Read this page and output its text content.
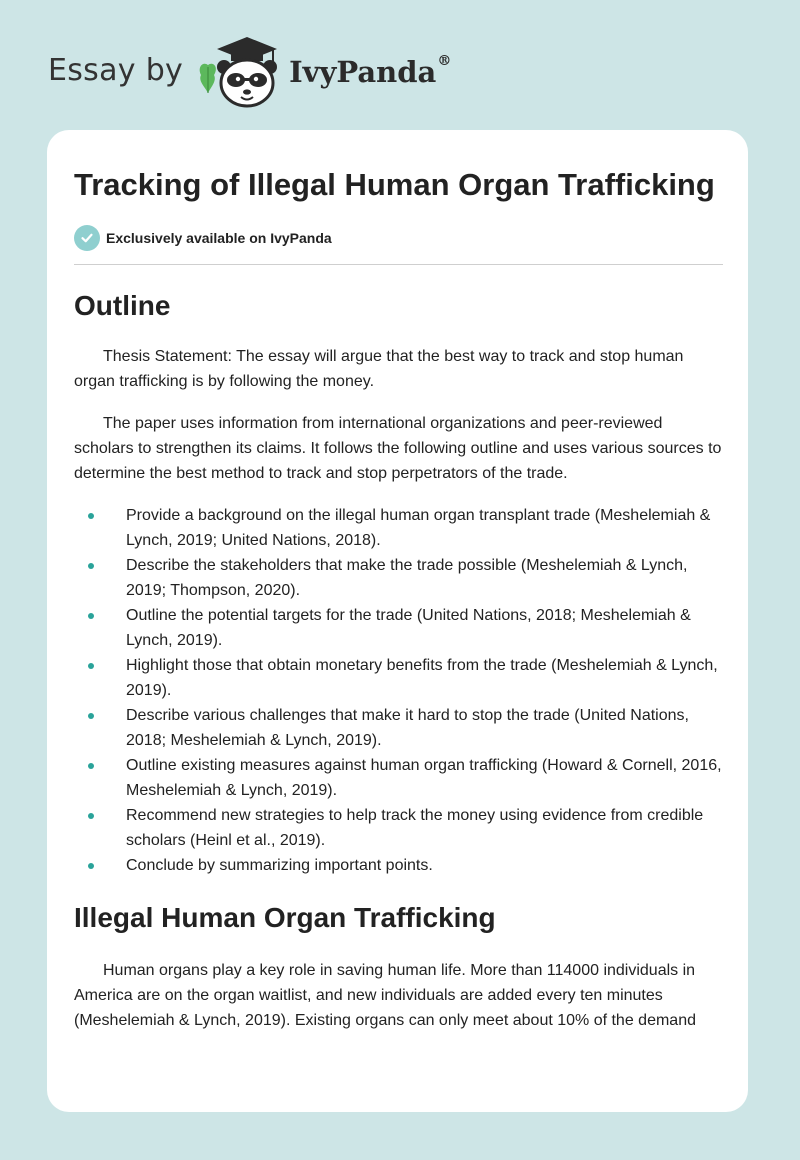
Essay by	IvyPanda®
Tracking of Illegal Human Organ Trafficking
Exclusively available on IvyPanda
Outline

Thesis Statement: The essay will argue that the best way to track and stop human organ trafficking is by following the money.

The paper uses information from international organizations and peer-reviewed scholars to strengthen its claims. It follows the following outline and uses various sources to determine the best method to track and stop perpetrators of the trade.

Provide a background on the illegal human organ transplant trade (Meshelemiah & Lynch, 2019; United Nations, 2018).
Describe the stakeholders that make the trade possible (Meshelemiah & Lynch, 2019; Thompson, 2020).
Outline the potential targets for the trade (United Nations, 2018; Meshelemiah & Lynch, 2019).
Highlight those that obtain monetary benefits from the trade (Meshelemiah & Lynch, 2019).
Describe various challenges that make it hard to stop the trade (United Nations, 2018; Meshelemiah & Lynch, 2019).
Outline existing measures against human organ trafficking (Howard & Cornell, 2016, Meshelemiah & Lynch, 2019).
Recommend new strategies to help track the money using evidence from credible scholars (Heinl et al., 2019).
Conclude by summarizing important points.
Illegal Human Organ Trafficking

Human organs play a key role in saving human life. More than 114000 individuals in America are on the organ waitlist, and new individuals are added every ten minutes (Meshelemiah & Lynch, 2019). Existing organs can only meet about 10% of the demand
